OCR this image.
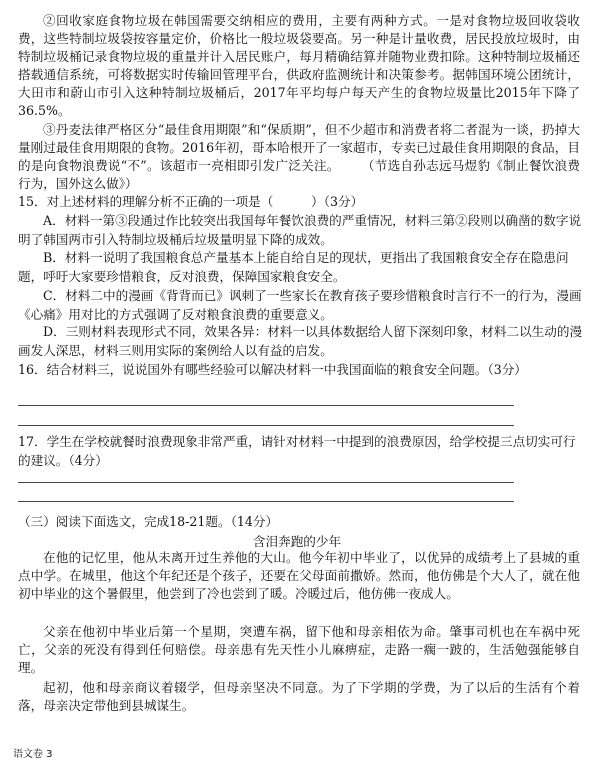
②回收家庭食物垃圾在韩国需要交纳相应的费用，主要有两种方式。一是对食物垃圾回收袋收费，这些特制垃圾袋按容量定价，价格比一般垃圾袋要高。另一种是计量收费，居民投放垃圾时，由特制垃圾桶记录食物垃圾的重量并计入居民账户，每月精确结算并随物业费扣除。这种特制垃圾桶还搭载通信系统，可将数据实时传输回管理平台，供政府监测统计和决策参考。据韩国环境公团统计，大田市和蔚山市引入这种特制垃圾桶后，2017年平均每户每天产生的食物垃圾量比2015年下降了36.5%。
③丹麦法律严格区分“最佳食用期限”和“保质期”，但不少超市和消费者将二者混为一谈，扔掉大量刚过最佳食用期限的食物。2016年初，哥本哈根开了一家超市，专卖已过最佳食用期限的食品，目的是向食物浪费说“不”。该超市一亮相即引发广泛关注。 （节选自孙志远马煜豹《制止餐饮浪费行为，国外这么做》）
15．对上述材料的理解分析不正确的一项是（　　　）（3分）
A．材料一第③段通过作比较突出我国每年餐饮浪费的严重情况，材料三第②段则以确凿的数字说明了韩国两市引入特制垃圾桶后垃圾量明显下降的成效。
B．材料一说明了我国粮食总产量基本上能自给自足的现状，更指出了我国粮食安全存在隐患问题，呼吁大家要珍惜粮食，反对浪费，保障国家粮食安全。
C．材料二中的漫画《背背而已》讽刺了一些家长在教育孩子要珍惜粮食时言行不一的行为，漫画《心痛》用对比的方式强调了反对粮食浪费的重要意义。
D．三则材料表现形式不同，效果各异：材料一以具体数据给人留下深刻印象，材料二以生动的漫画发人深思，材料三则用实际的案例给人以有益的启发。
16．结合材料三，说说国外有哪些经验可以解决材料一中我国面临的粮食安全问题。（3分）
17．学生在学校就餐时浪费现象非常严重，请针对材料一中提到的浪费原因，给学校提三点切实可行的建议。（4分）
（三）阅读下面选文，完成18-21题。（14分）
含泪奔跑的少年
在他的记忆里，他从未离开过生养他的大山。他今年初中毕业了，以优异的成绩考上了县城的重点中学。在城里，他这个年纪还是个孩子，还要在父母面前撒娇。然而，他仿佛是个大人了，就在他初中毕业的这个暑假里，他尝到了冷也尝到了暖。冷暖过后，他仿佛一夜成人。
父亲在他初中毕业后第一个星期，突遭车祸，留下他和母亲相依为命。肇事司机也在车祸中死亡，父亲的死没有得到任何赔偿。母亲患有先天性小儿麻痹症，走路一瘸一跛的，生活勉强能够自理。
起初，他和母亲商议着辍学，但母亲坚决不同意。为了下学期的学费，为了以后的生活有个着落，母亲决定带他到县城谋生。
语文卷 3
